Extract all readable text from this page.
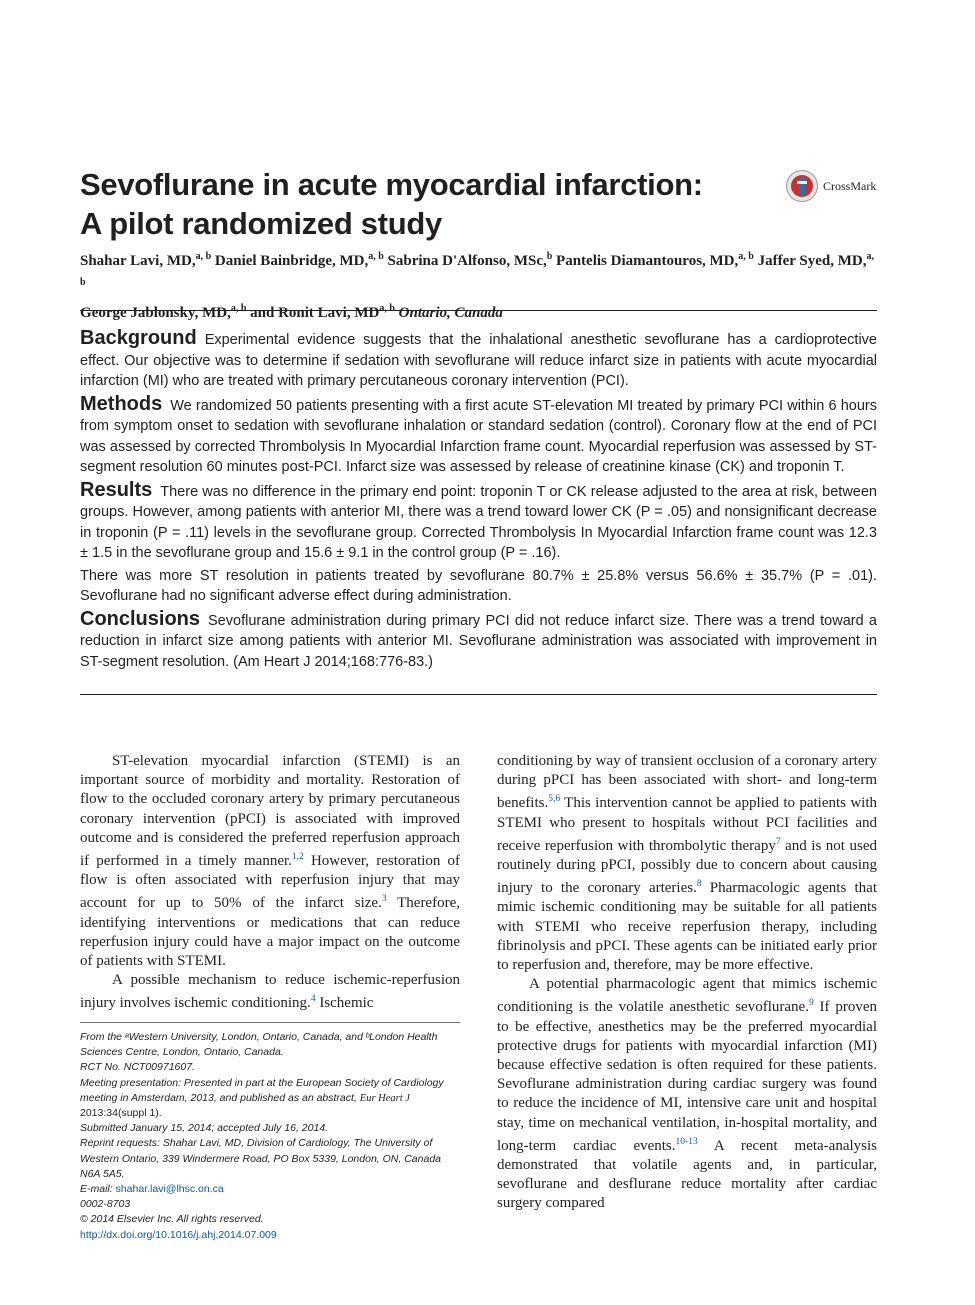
Sevoflurane in acute myocardial infarction:
A pilot randomized study
CrossMark
Shahar Lavi, MD,$^{a, b}$ Daniel Bainbridge, MD,$^{a, b}$ Sabrina D'Alfonso, MSc,$^b$ Pantelis Diamantouros, MD,$^{a, b}$ Jaffer Syed, MD,$^{a, b}$
George Jablonsky, MD,$^{a, b}$ and Ronit Lavi, MD$^{a, b}$ Ontario, Canada

Background Experimental evidence suggests that the inhalational anesthetic sevoflurane has a cardioprotective effect. Our objective was to determine if sedation with sevoflurane will reduce infarct size in patients with acute myocardial infarction (MI) who are treated with primary percutaneous coronary intervention (PCI).

Methods We randomized 50 patients presenting with a first acute ST-elevation MI treated by primary PCI within 6 hours from symptom onset to sedation with sevoflurane inhalation or standard sedation (control). Coronary flow at the end of PCI was assessed by corrected Thrombolysis In Myocardial Infarction frame count. Myocardial reperfusion was assessed by ST-segment resolution 60 minutes post-PCI. Infarct size was assessed by release of creatinine kinase (CK) and troponin T.

Results There was no difference in the primary end point: troponin T or CK release adjusted to the area at risk, between groups. However, among patients with anterior MI, there was a trend toward lower CK (P = .05) and nonsignificant decrease in troponin (P = .11) levels in the sevoflurane group. Corrected Thrombolysis In Myocardial Infarction frame count was 12.3 ± 1.5 in the sevoflurane group and 15.6 ± 9.1 in the control group (P = .16).

There was more ST resolution in patients treated by sevoflurane 80.7% ± 25.8% versus 56.6% ± 35.7% (P = .01). Sevoflurane had no significant adverse effect during administration.

Conclusions Sevoflurane administration during primary PCI did not reduce infarct size. There was a trend toward a reduction in infarct size among patients with anterior MI. Sevoflurane administration was associated with improvement in ST-segment resolution. (Am Heart J 2014;168:776-83.)

ST-elevation myocardial infarction (STEMI) is an important source of morbidity and mortality. Restoration of flow to the occluded coronary artery by primary percutaneous coronary intervention (pPCI) is associated with improved outcome and is considered the preferred reperfusion approach if performed in a timely manner.$^{1,2}$ However, restoration of flow is often associated with reperfusion injury that may account for up to 50% of the infarct size.$^3$ Therefore, identifying interventions or medications that can reduce reperfusion injury could have a major impact on the outcome of patients with STEMI.

A possible mechanism to reduce ischemic-reperfusion injury involves ischemic conditioning.$^4$ Ischemic

conditioning by way of transient occlusion of a coronary artery during pPCI has been associated with short- and long-term benefits.$^{5,6}$ This intervention cannot be applied to patients with STEMI who present to hospitals without PCI facilities and receive reperfusion with thrombolytic therapy$^7$ and is not used routinely during pPCI, possibly due to concern about causing injury to the coronary arteries.$^8$ Pharmacologic agents that mimic ischemic conditioning may be suitable for all patients with STEMI who receive reperfusion therapy, including fibrinolysis and pPCI. These agents can be initiated early prior to reperfusion and, therefore, may be more effective.

A potential pharmacologic agent that mimics ischemic conditioning is the volatile anesthetic sevoflurane.$^9$ If proven to be effective, anesthetics may be the preferred myocardial protective drugs for patients with myocardial infarction (MI) because effective sedation is often required for these patients. Sevoflurane administration during cardiac surgery was found to reduce the incidence of MI, intensive care unit and hospital stay, time on mechanical ventilation, in-hospital mortality, and long-term cardiac events.$^{10-13}$ A recent meta-analysis demonstrated that volatile agents and, in particular, sevoflurane and desflurane reduce mortality after cardiac surgery compared

From the ᵃWestern University, London, Ontario, Canada, and ᵇLondon Health Sciences Centre, London, Ontario, Canada.

RCT No. NCT00971607.

Meeting presentation: Presented in part at the European Society of Cardiology meeting in Amsterdam, 2013, and published as an abstract, Eur Heart J 2013:34(suppl 1).

Submitted January 15, 2014; accepted July 16, 2014.

Reprint requests: Shahar Lavi, MD, Division of Cardiology, The University of Western Ontario, 339 Windermere Road, PO Box 5339, London, ON, Canada N6A 5A5.

E-mail: shahar.lavi@lhsc.on.ca

0002-8703

© 2014 Elsevier Inc. All rights reserved.

http://dx.doi.org/10.1016/j.ahj.2014.07.009
